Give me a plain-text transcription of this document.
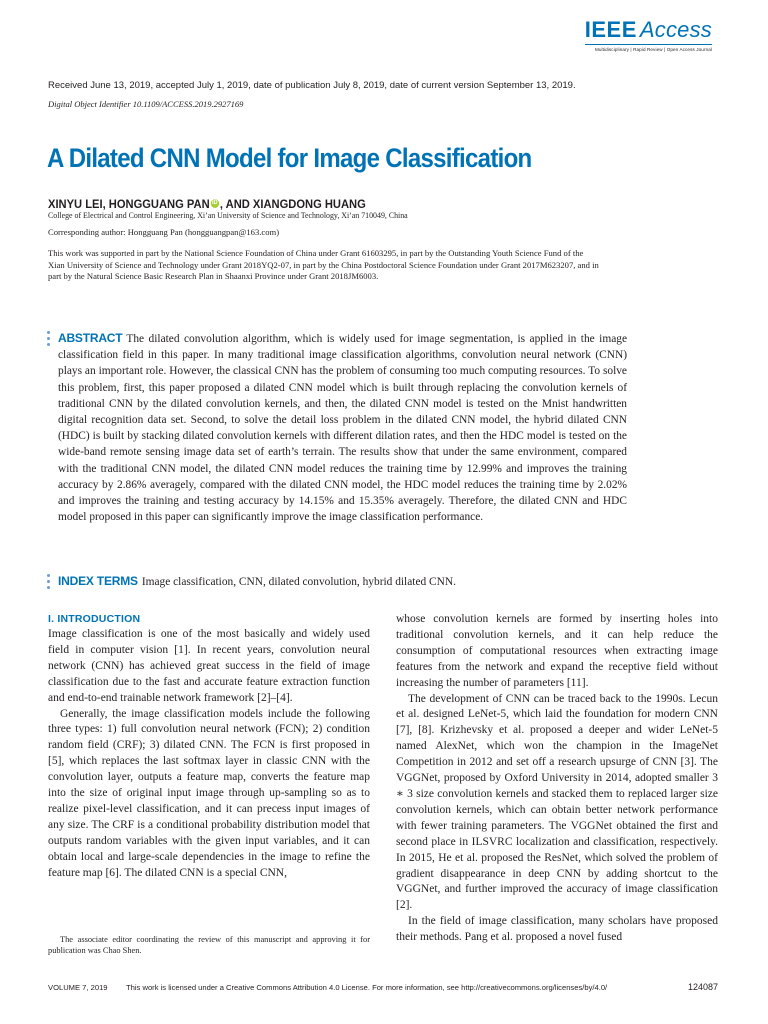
IEEE Access
Multidisciplinary | Rapid Review | Open Access Journal
Received June 13, 2019, accepted July 1, 2019, date of publication July 8, 2019, date of current version September 13, 2019.
Digital Object Identifier 10.1109/ACCESS.2019.2927169
A Dilated CNN Model for Image Classification
XINYU LEI, HONGGUANG PAN iD , AND XIANGDONG HUANG
College of Electrical and Control Engineering, Xi’an University of Science and Technology, Xi’an 710049, China
Corresponding author: Hongguang Pan (hongguangpan@163.com)
This work was supported in part by the National Science Foundation of China under Grant 61603295, in part by the Outstanding Youth Science Fund of the Xian University of Science and Technology under Grant 2018YQ2-07, in part by the China Postdoctoral Science Foundation under Grant 2017M623207, and in part by the Natural Science Basic Research Plan in Shaanxi Province under Grant 2018JM6003.
ABSTRACT The dilated convolution algorithm, which is widely used for image segmentation, is applied in the image classification field in this paper. In many traditional image classification algorithms, convolution neural network (CNN) plays an important role. However, the classical CNN has the problem of consuming too much computing resources. To solve this problem, first, this paper proposed a dilated CNN model which is built through replacing the convolution kernels of traditional CNN by the dilated convolution kernels, and then, the dilated CNN model is tested on the Mnist handwritten digital recognition data set. Second, to solve the detail loss problem in the dilated CNN model, the hybrid dilated CNN (HDC) is built by stacking dilated convolution kernels with different dilation rates, and then the HDC model is tested on the wide-band remote sensing image data set of earth’s terrain. The results show that under the same environment, compared with the traditional CNN model, the dilated CNN model reduces the training time by 12.99% and improves the training accuracy by 2.86% averagely, compared with the dilated CNN model, the HDC model reduces the training time by 2.02% and improves the training and testing accuracy by 14.15% and 15.35% averagely. Therefore, the dilated CNN and HDC model proposed in this paper can significantly improve the image classification performance.
INDEX TERMS Image classification, CNN, dilated convolution, hybrid dilated CNN.
I. INTRODUCTION

Image classification is one of the most basically and widely used field in computer vision [1]. In recent years, convolution neural network (CNN) has achieved great success in the field of image classification due to the fast and accurate feature extraction function and end-to-end trainable network framework [2]–[4].

Generally, the image classification models include the following three types: 1) full convolution neural network (FCN); 2) condition random field (CRF); 3) dilated CNN. The FCN is first proposed in [5], which replaces the last softmax layer in classic CNN with the convolution layer, outputs a feature map, converts the feature map into the size of original input image through up-sampling so as to realize pixel-level classification, and it can precess input images of any size. The CRF is a conditional probability distribution model that outputs random variables with the given input variables, and it can obtain local and large-scale dependencies in the image to refine the feature map [6]. The dilated CNN is a special CNN,

whose convolution kernels are formed by inserting holes into traditional convolution kernels, and it can help reduce the consumption of computational resources when extracting image features from the network and expand the receptive field without increasing the number of parameters [11].

The development of CNN can be traced back to the 1990s. Lecun et al. designed LeNet-5, which laid the foundation for modern CNN [7], [8]. Krizhevsky et al. proposed a deeper and wider LeNet-5 named AlexNet, which won the champion in the ImageNet Competition in 2012 and set off a research upsurge of CNN [3]. The VGGNet, proposed by Oxford University in 2014, adopted smaller 3 ∗ 3 size convolution kernels and stacked them to replaced larger size convolution kernels, which can obtain better network performance with fewer training parameters. The VGGNet obtained the first and second place in ILSVRC localization and classification, respectively. In 2015, He et al. proposed the ResNet, which solved the problem of gradient disappearance in deep CNN by adding shortcut to the VGGNet, and further improved the accuracy of image classification [2].

In the field of image classification, many scholars have proposed their methods. Pang et al. proposed a novel fused

The associate editor coordinating the review of this manuscript and approving it for publication was Chao Shen.
VOLUME 7, 2019 This work is licensed under a Creative Commons Attribution 4.0 License. For more information, see http://creativecommons.org/licenses/by/4.0/	124087
